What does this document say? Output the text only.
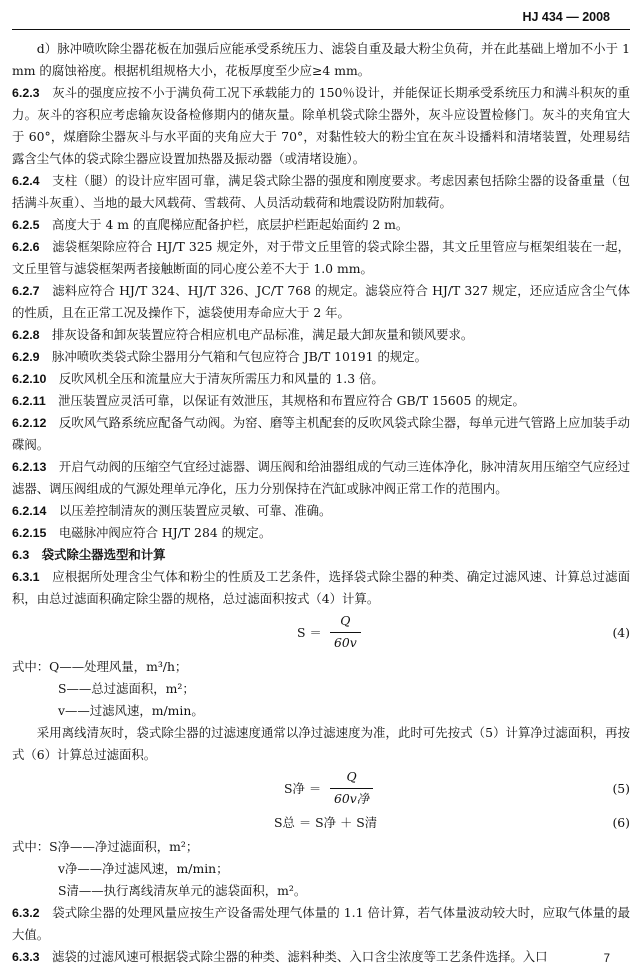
HJ 434 — 2008

d）脉冲喷吹除尘器花板在加强后应能承受系统压力、滤袋自重及最大粉尘负荷，并在此基础上增加不小于 1 mm 的腐蚀裕度。根据机组规格大小，花板厚度至少应≥4 mm。

6.2.3　 灰斗的强度应按不小于满负荷工况下承载能力的 150％设计，并能保证长期承受系统压力和满斗积灰的重力。灰斗的容积应考虑输灰设备检修期内的储灰量。除单机袋式除尘器外，灰斗应设置检修门。灰斗的夹角宜大于 60°，煤磨除尘器灰斗与水平面的夹角应大于 70°，对黏性较大的粉尘宜在灰斗设播料和清堵装置，处理易结露含尘气体的袋式除尘器应设置加热器及振动器（或清堵设施）。

6.2.4　 支柱（腿）的设计应牢固可靠，满足袋式除尘器的强度和刚度要求。考虑因素包括除尘器的设备重量（包括满斗灰重）、当地的最大风载荷、雪载荷、人员活动载荷和地震设防附加载荷。

6.2.5　 高度大于 4 m 的直爬梯应配备护栏，底层护栏距起始面约 2 m。

6.2.6　 滤袋框架除应符合 HJ/T 325 规定外，对于带文丘里管的袋式除尘器，其文丘里管应与框架组装在一起，文丘里管与滤袋框架两者接触断面的同心度公差不大于 1.0 mm。

6.2.7　 滤料应符合 HJ/T 324、HJ/T 326、JC/T 768 的规定。滤袋应符合 HJ/T 327 规定，还应适应含尘气体的性质，且在正常工况及操作下，滤袋使用寿命应大于 2 年。

6.2.8　 排灰设备和卸灰装置应符合相应机电产品标准，满足最大卸灰量和锁风要求。

6.2.9　 脉冲喷吹类袋式除尘器用分气箱和气包应符合 JB/T 10191 的规定。

6.2.10　 反吹风机全压和流量应大于清灰所需压力和风量的 1.3 倍。

6.2.11　 泄压装置应灵活可靠，以保证有效泄压，其规格和布置应符合 GB/T 15605 的规定。

6.2.12　 反吹风气路系统应配备气动阀。为窑、磨等主机配套的反吹风袋式除尘器，每单元进气管路上应加装手动碟阀。

6.2.13　 开启气动阀的压缩空气宜经过滤器、调压阀和给油器组成的气动三连体净化，脉冲清灰用压缩空气应经过滤器、调压阀组成的气源处理单元净化，压力分别保持在汽缸或脉冲阀正常工作的范围内。

6.2.14　 以压差控制清灰的测压装置应灵敏、可靠、准确。

6.2.15　 电磁脉冲阀应符合 HJ/T 284 的规定。

6.3　 袋式除尘器选型和计算

6.3.1　 应根据所处理含尘气体和粉尘的性质及工艺条件，选择袋式除尘器的种类、确定过滤风速、计算总过滤面积，由总过滤面积确定除尘器的规格，总过滤面积按式（4）计算。

$S = \frac{Q}{60v}$	(4)
式中：Q——处理风量，m³/h；
S——总过滤面积，m²；
v——过滤风速，m/min。

采用离线清灰时，袋式除尘器的过滤速度通常以净过滤速度为准，此时可先按式（5）计算净过滤面积，再按式（6）计算总过滤面积。

S净 ＝
Q
60v净
(5)
S总 ＝ S净 ＋ S清	(6)
式中：S净——净过滤面积，m²；
v净——净过滤风速，m/min；
S清——执行离线清灰单元的滤袋面积，m²。

6.3.2　 袋式除尘器的处理风量应按生产设备需处理气体量的 1.1 倍计算，若气体量波动较大时，应取气体量的最大值。

6.3.3　 滤袋的过滤风速可根据袋式除尘器的种类、滤料种类、入口含尘浓度等工艺条件选择。入口	7
